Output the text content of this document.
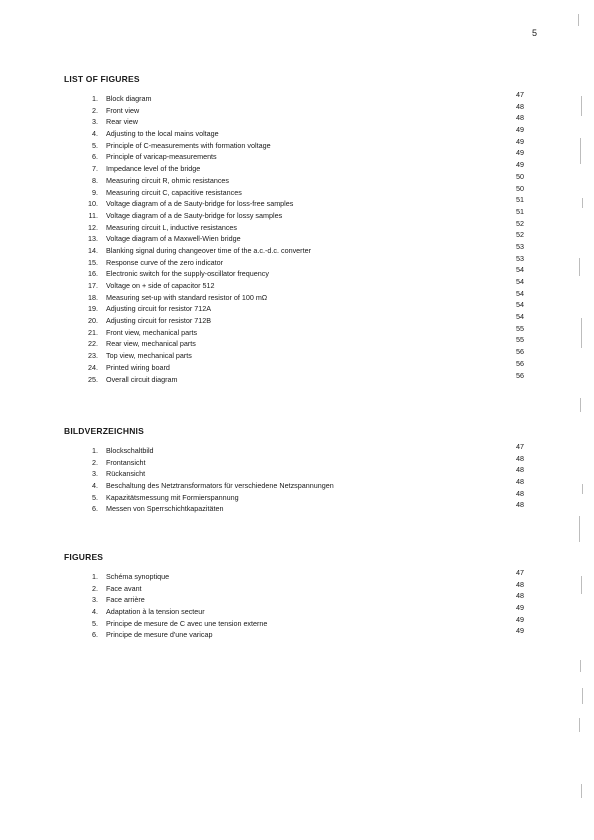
5
LIST OF FIGURES
1. Block diagram	47
2. Front view	48
3. Rear view	48
4. Adjusting to the local mains voltage	49
5. Principle of C-measurements with formation voltage	49
6. Principle of varicap-measurements	49
7. Impedance level of the bridge	49
8. Measuring circuit R, ohmic resistances	50
9. Measuring circuit C, capacitive resistances	50
10. Voltage diagram of a de Sauty-bridge for loss-free samples	51
11. Voltage diagram of a de Sauty-bridge for lossy samples	51
12. Measuring circuit L, inductive resistances	52
13. Voltage diagram of a Maxwell-Wien bridge	52
14. Blanking signal during changeover time of the a.c.-d.c. converter	53
15. Response curve of the zero indicator	53
16. Electronic switch for the supply-oscillator frequency	54
17. Voltage on + side of capacitor 512	54
18. Measuring set-up with standard resistor of 100 mΩ	54
19. Adjusting circuit for resistor 712A	54
20. Adjusting circuit for resistor 712B	54
21. Front view, mechanical parts	55
22. Rear view, mechanical parts	55
23. Top view, mechanical parts	56
24. Printed wiring board	56
25. Overall circuit diagram	56
BILDVERZEICHNIS
1. Blockschaltbild	47
2. Frontansicht	48
3. Rückansicht	48
4. Beschaltung des Netztransformators für verschiedene Netzspannungen	48
5. Kapazitätsmessung mit Formierspannung	48
6. Messen von Sperrschichtkapazitäten	48
FIGURES
1. Schéma synoptique	47
2. Face avant	48
3. Face arrière	48
4. Adaptation à la tension secteur	49
5. Principe de mesure de C avec une tension externe	49
6. Principe de mesure d'une varicap	49
